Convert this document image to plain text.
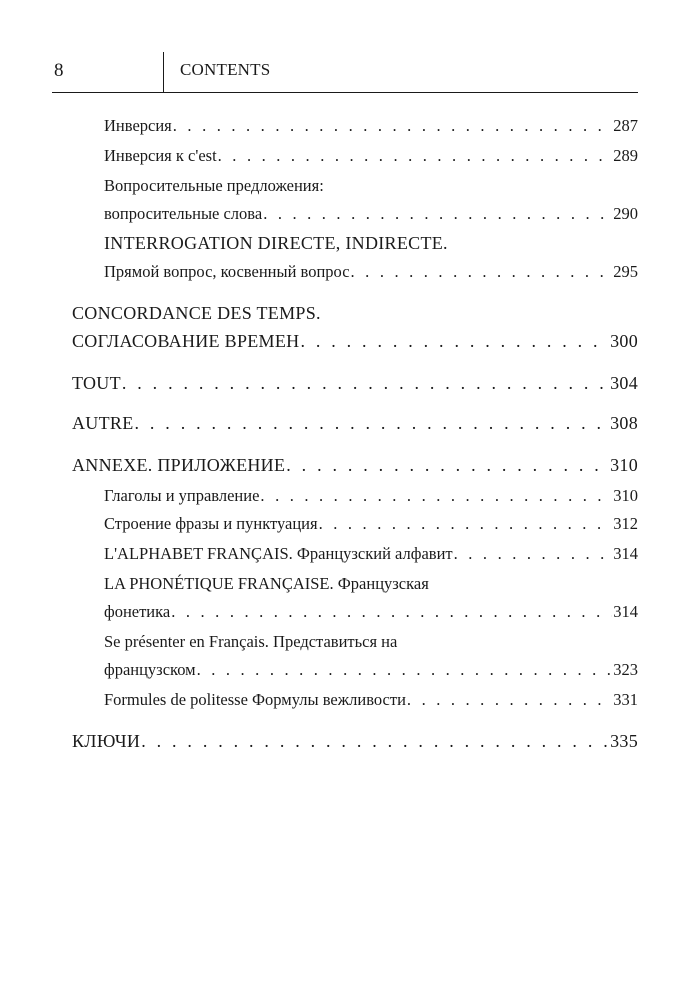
8	CONTENTS
Инверсия . . .	287
Инверсия к c'est . . .	289
Вопросительные предложения:
вопросительные слова . . .	290
INTERROGATION DIRECTE, INDIRECTE.
Прямой вопрос, косвенный вопрос . . .	295
CONCORDANCE DES TEMPS.
СОГЛАСОВАНИЕ ВРЕМЕН . . .	300
TOUT . . .	304
AUTRE . . .	308
ANNEXE. ПРИЛОЖЕНИЕ . . .	310
Глаголы и управление . . .	310
Строение фразы и пунктуация . . .	312
L'ALPHABET FRANÇAIS. Французский алфавит . . .	314
LA PHONÉTIQUE FRANÇAISE. Французская
фонетика . . .	314
Se présenter en Français. Представиться на
французском . . .	323
Formules de politesse Формулы вежливости . . .	331
КЛЮЧИ . . .	335
